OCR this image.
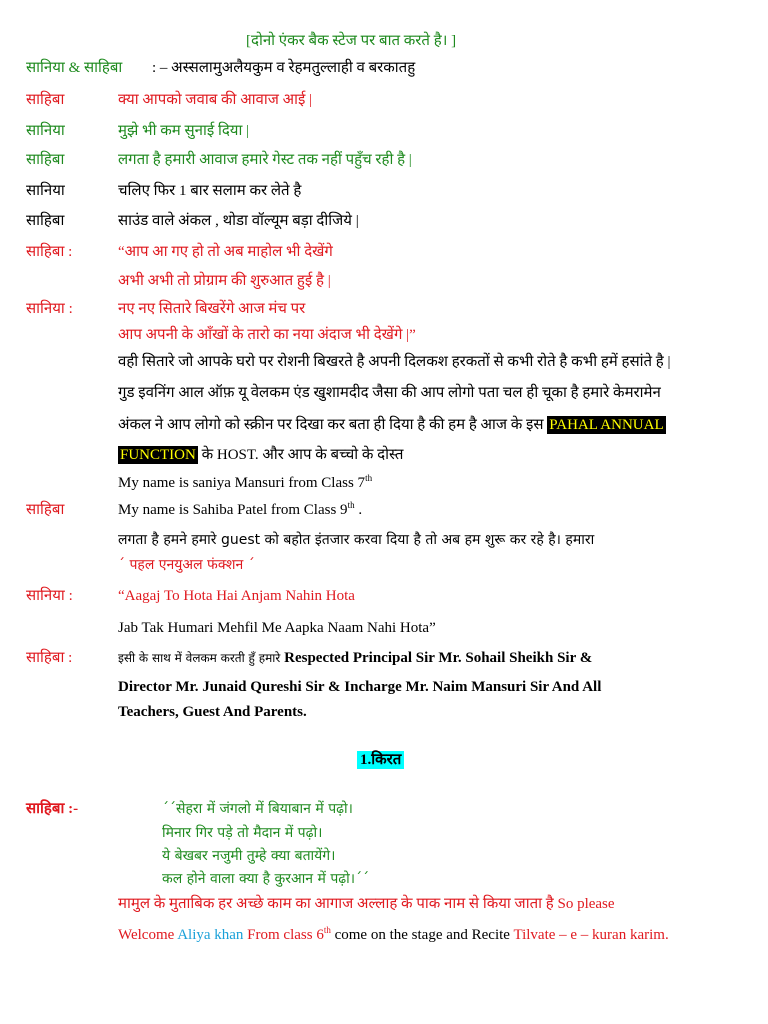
[दोनो एंकर बैक स्टेज पर बात करते है। ]
सानिया & साहिबा : – अस्सलामुअलैयकुम व रेहमतुल्लाही व बरकातहु
साहिबा	क्या आपको जवाब की आवाज आई |
सानिया	मुझे भी कम सुनाई दिया |
साहिबा	लगता है हमारी आवाज हमारे गेस्ट तक नहीं पहुँच रही है |
सानिया	चलिए फिर 1 बार सलाम कर लेते है
साहिबा	साउंड वाले अंकल , थोडा वॉल्यूम बड़ा दीजिये |
साहिबा :	“आप आ गए हो तो अब माहोल भी देखेंगे
अभी अभी तो प्रोग्राम की शुरुआत हुई है |
सानिया :	नए नए सितारे बिखरेंगे आज मंच पर
आप अपनी के आँखों के तारो का नया अंदाज भी देखेंगे |”
वही सितारे जो आपके घरो पर रोशनी बिखरते है अपनी दिलकश हरकतों से कभी रोते है कभी हमें हसांते है |
गुड इवनिंग आल ऑफ़ यू वेलकम एंड खुशामदीद जैसा की आप लोगो पता चल ही चूका है हमारे केमरामेन
अंकल ने आप लोगो को स्क्रीन पर दिखा कर बता ही दिया है की हम है आज के इस PAHAL ANNUAL
FUNCTION के HOST. और आप के बच्चो के दोस्त
My name is saniya Mansuri from Class 7th
साहिबा	My name is Sahiba Patel from Class 9th .
लगता है हमने हमारे guest को बहोत इंतजार करवा दिया है तो अब हम शुरू कर रहे है। हमारा
´ पहल एनयुअल फंक्शन ´
सानिया :	“Aagaj To Hota Hai Anjam Nahin Hota
Jab Tak Humari Mehfil Me Aapka Naam Nahi Hota”
साहिबा :	इसी के साथ में वेलकम करती हुँ हमारे Respected Principal Sir Mr. Sohail Sheikh Sir &
Director Mr. Junaid Qureshi Sir & Incharge Mr. Naim Mansuri Sir And All
Teachers, Guest And Parents.
1.किरत
साहिबा :-	´´सेहरा में जंगलो में बियाबान में पढ़ो।
मिनार गिर पड़े तो मैदान में पढ़ो।
ये बेखबर नजुमी तुम्हे क्या बतायेंगे।
कल होने वाला क्या है कुरआन में पढ़ो।´´
मामुल के मुताबिक हर अच्छे काम का आगाज अल्लाह के पाक नाम से किया जाता है So please
Welcome Aliya khan From class 6th come on the stage and Recite Tilvate – e – kuran karim.
